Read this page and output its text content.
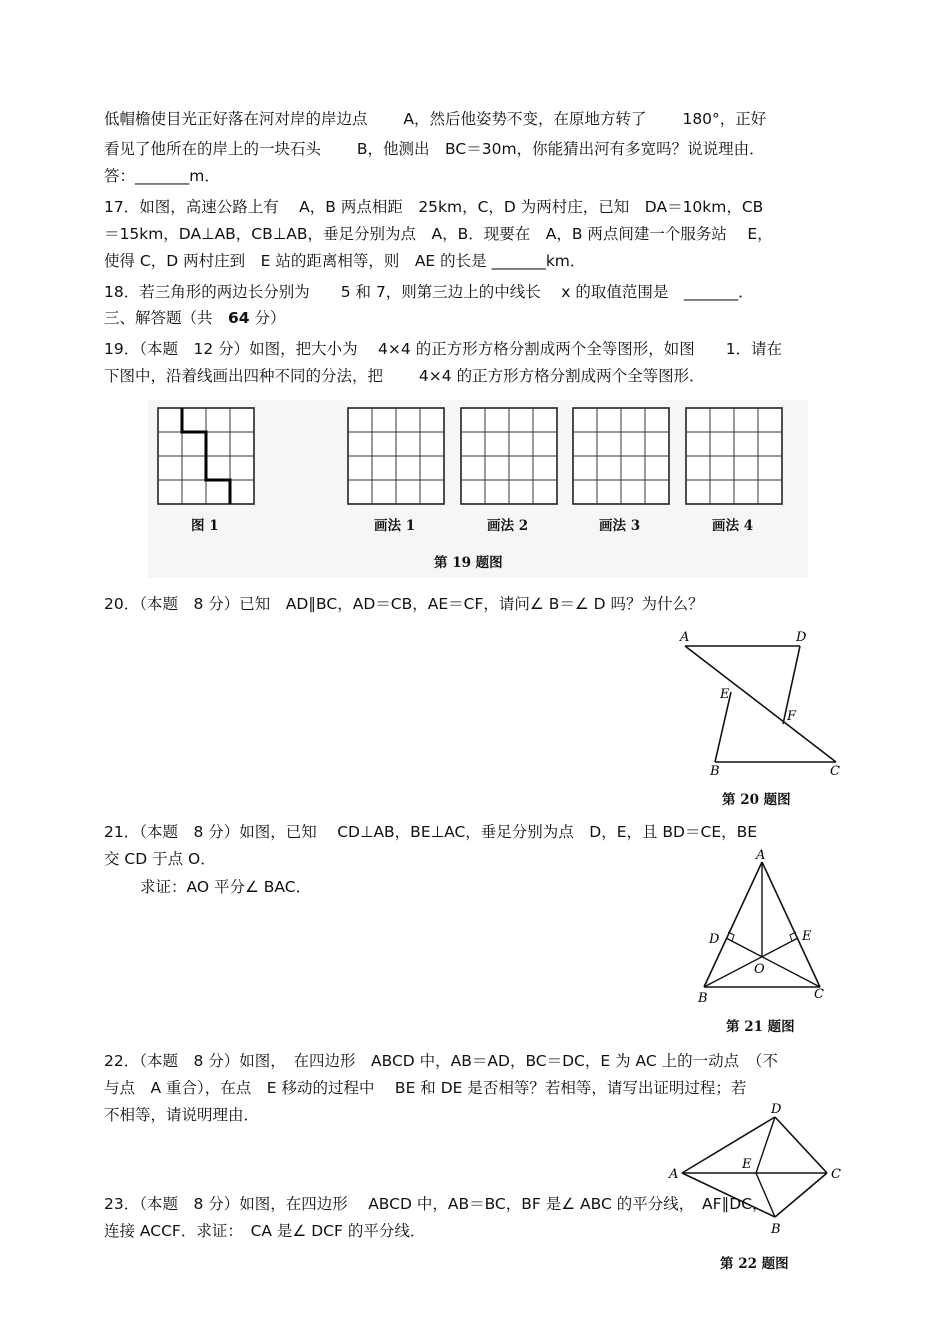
低帽檐使目光正好落在河对岸的岸边点　　 A，然后他姿势不变，在原地方转了　　 180°，正好
看见了他所在的岸上的一块石头　　 B，他测出　BC＝30m，你能猜出河有多宽吗？说说理由．
答：_______m．
17．如图，高速公路上有　 A，B 两点相距　25km，C，D 为两村庄，已知　DA＝10km，CB
＝15km，DA⊥AB，CB⊥AB，垂足分别为点　A，B．现要在　A，B 两点间建一个服务站　 E，
使得 C，D 两村庄到　E 站的距离相等，则　AE 的长是 _______km．
18．若三角形的两边长分别为　　5 和 7，则第三边上的中线长　 x 的取值范围是　_______．
三、解答题（共　64 分）
19．（本题　12 分）如图，把大小为　 4×4 的正方形方格分割成两个全等图形，如图　　1．请在
下图中，沿着线画出四种不同的分法，把　　 4×4 的正方形方格分割成两个全等图形．
20．（本题　8 分）已知　AD∥BC，AD＝CB，AE＝CF，请问∠ B＝∠ D 吗？为什么？
21．（本题　8 分）如图，已知　 CD⊥AB，BE⊥AC，垂足分别为点　D，E，且 BD＝CE，BE
交 CD 于点 O．
求证：AO 平分∠ BAC．
22．（本题　8 分）如图，　在四边形　ABCD 中，AB＝AD，BC＝DC，E 为 AC 上的一动点　（不
与点　A 重合），在点　E 移动的过程中　 BE 和 DE 是否相等？若相等，请写出证明过程；若
不相等，请说明理由．
23．（本题　8 分）如图，在四边形　 ABCD 中，AB＝BC，BF 是∠ ABC 的平分线，　AF∥DC，
连接 ACCF．求证：　CA 是∠ DCF 的平分线．
图 1	画法 1	画法 2	画法 3	画法 4
第 19 题图
A	D
E
F
B	C
第 20 题图
A
D	E
O
B	C
第 21 题图
D
A
E
C
B
第 22 题图
